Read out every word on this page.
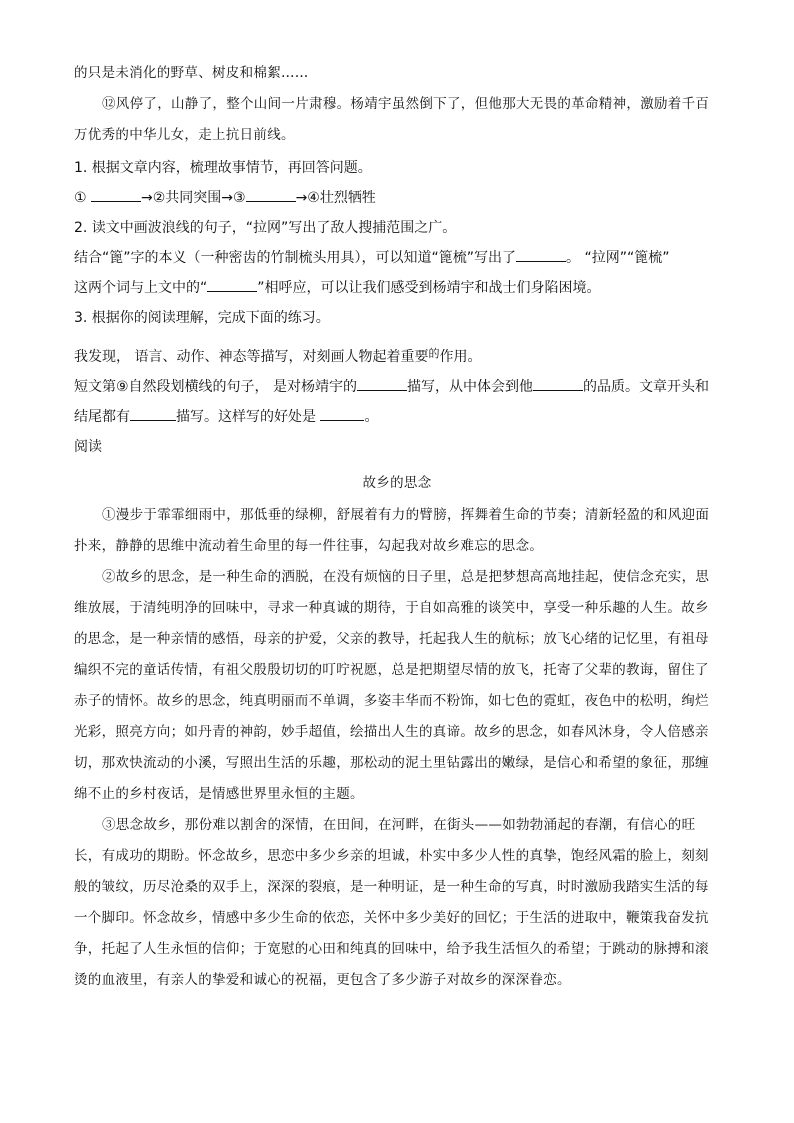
的只是未消化的野草、树皮和棉絮……

⑫风停了，山静了，整个山间一片肃穆。杨靖宇虽然倒下了，但他那大无畏的革命精神，激励着千百万优秀的中华儿女，走上抗日前线。

1. 根据文章内容，梳理故事情节，再回答问题。

①	→②共同突围→③	→④壮烈牺牲

2. 读文中画波浪线的句子，“拉网”写出了敌人搜捕范围之广。

结合“篦”字的本义（一种密齿的竹制梳头用具），可以知道“篦梳”写出了	。 “拉网”“篦梳”

这两个词与上文中的“	”相呼应，可以让我们感受到杨靖宇和战士们身陷困境。

3. 根据你的阅读理解，完成下面的练习。

我发现， 语言、动作、神态等描写，对刻画人物起着重要$^的$作用。

短文第⑨自然段划横线的句子， 是对杨靖宇的	描写，从中体会到他	的品质。文章开头和

结尾都有	描写。这样写的好处是	。

阅读

故乡的思念

①漫步于霏霏细雨中，那低垂的绿柳，舒展着有力的臂膀，挥舞着生命的节奏；清新轻盈的和风迎面扑来，静静的思维中流动着生命里的每一件往事，勾起我对故乡难忘的思念。

②故乡的思念，是一种生命的洒脱，在没有烦恼的日子里，总是把梦想高高地挂起，使信念充实，思维放展，于清纯明净的回味中，寻求一种真诚的期待，于自如高雅的谈笑中，享受一种乐趣的人生。故乡的思念，是一种亲情的感悟，母亲的护爱，父亲的教导，托起我人生的航标；放飞心绪的记忆里，有祖母编织不完的童话传情，有祖父殷殷切切的叮咛祝愿，总是把期望尽情的放飞，托寄了父辈的教诲，留住了赤子的情怀。故乡的思念，纯真明丽而不单调，多姿丰华而不粉饰，如七色的霓虹，夜色中的松明，绚烂光彩，照亮方向；如丹青的神韵，妙手超值，绘描出人生的真谛。故乡的思念，如春风沐身，令人倍感亲切，那欢快流动的小溪，写照出生活的乐趣，那松动的泥土里钻露出的嫩绿，是信心和希望的象征，那缠绵不止的乡村夜话，是情感世界里永恒的主题。

③思念故乡，那份难以割舍的深情，在田间，在河畔，在街头——如勃勃涌起的春潮，有信心的旺长，有成功的期盼。怀念故乡，思恋中多少乡亲的坦诚，朴实中多少人性的真挚，饱经风霜的脸上，刻刻般的皱纹，历尽沧桑的双手上，深深的裂痕，是一种明证，是一种生命的写真，时时激励我踏实生活的每一个脚印。怀念故乡，情感中多少生命的依恋，关怀中多少美好的回忆；于生活的进取中，鞭策我奋发抗争，托起了人生永恒的信仰；于宽慰的心田和纯真的回味中，给予我生活恒久的希望；于跳动的脉搏和滚烫的血液里，有亲人的挚爱和诚心的祝福，更包含了多少游子对故乡的深深眷恋。
